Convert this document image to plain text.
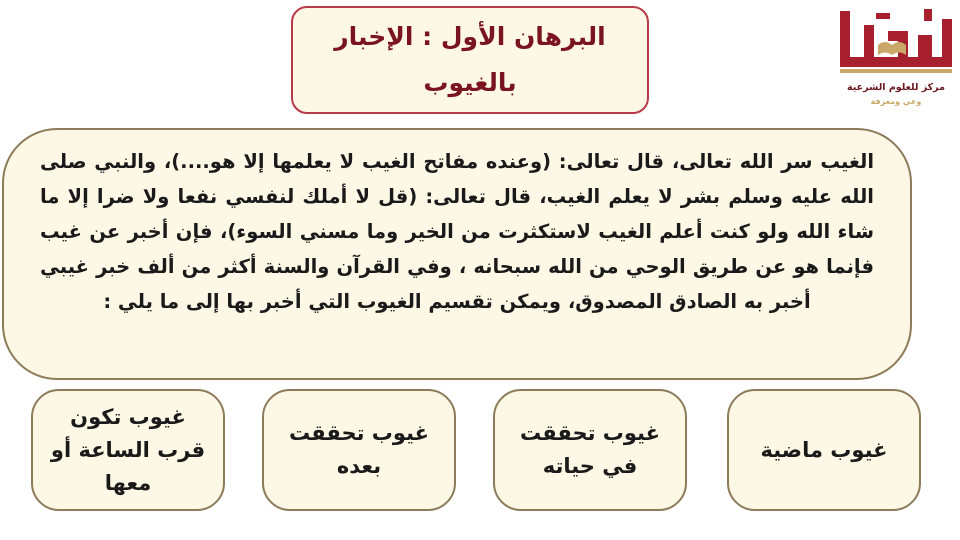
البرهان الأول : الإخبار بالغيوب	مركز للعلوم الشرعية
وعي ومعرفة

الغيب سر الله تعالى، قال تعالى: (وعنده مفاتح الغيب لا يعلمها إلا هو....)، والنبي صلى الله عليه وسلم بشر لا يعلم الغيب، قال تعالى: (قل لا أملك لنفسي نفعا ولا ضرا إلا ما شاء الله ولو كنت أعلم الغيب لاستكثرت من الخير وما مسني السوء)، فإن أخبر عن غيب فإنما هو عن طريق الوحي من الله سبحانه ، وفي القرآن والسنة أكثر من ألف خبر غيبي أخبر به الصادق المصدوق، ويمكن تقسيم الغيوب التي أخبر بها إلى ما يلي :

غيوب ماضية
غيوب تحققت
في حياته
غيوب تحققت
بعده
غيوب تكون
قرب الساعة أو
معها
